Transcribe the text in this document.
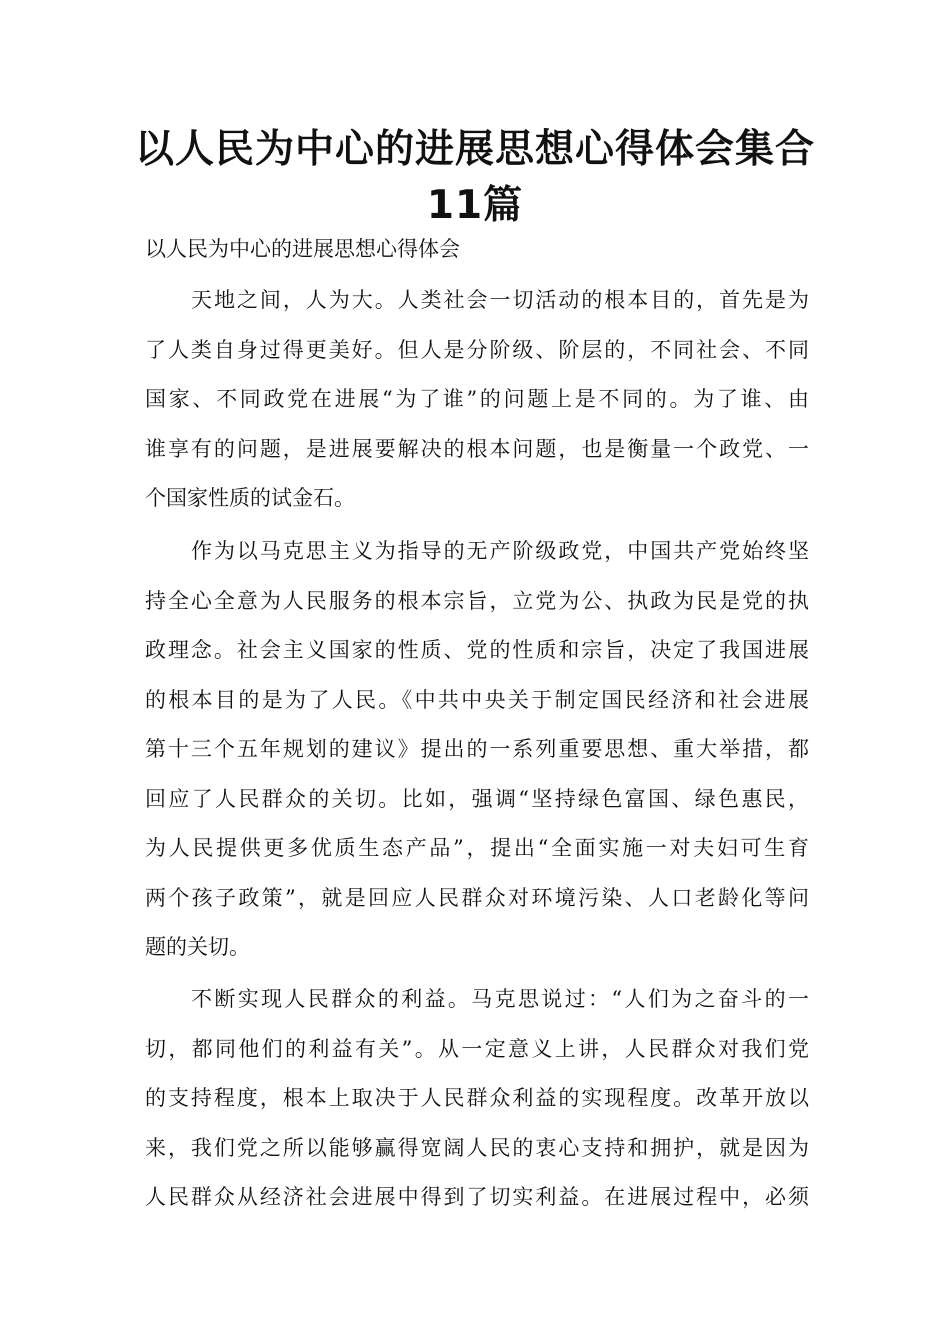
以人民为中心的进展思想心得体会集合
11篇

以人民为中心的进展思想心得体会

天地之间，人为大。人类社会一切活动的根本目的，首先是为
了人类自身过得更美好。但人是分阶级、阶层的，不同社会、不同
国家、不同政党在进展“为了谁”的问题上是不同的。为了谁、由
谁享有的问题，是进展要解决的根本问题，也是衡量一个政党、一
个国家性质的试金石。
作为以马克思主义为指导的无产阶级政党，中国共产党始终坚
持全心全意为人民服务的根本宗旨，立党为公、执政为民是党的执
政理念。社会主义国家的性质、党的性质和宗旨，决定了我国进展
的根本目的是为了人民。《中共中央关于制定国民经济和社会进展
第十三个五年规划的建议》提出的一系列重要思想、重大举措，都
回应了人民群众的关切。比如，强调“坚持绿色富国、绿色惠民，
为人民提供更多优质生态产品”，提出“全面实施一对夫妇可生育
两个孩子政策”，就是回应人民群众对环境污染、人口老龄化等问
题的关切。
不断实现人民群众的利益。马克思说过：“人们为之奋斗的一
切，都同他们的利益有关”。从一定意义上讲，人民群众对我们党
的支持程度，根本上取决于人民群众利益的实现程度。改革开放以
来，我们党之所以能够赢得宽阔人民的衷心支持和拥护，就是因为
人民群众从经济社会进展中得到了切实利益。在进展过程中，必须
